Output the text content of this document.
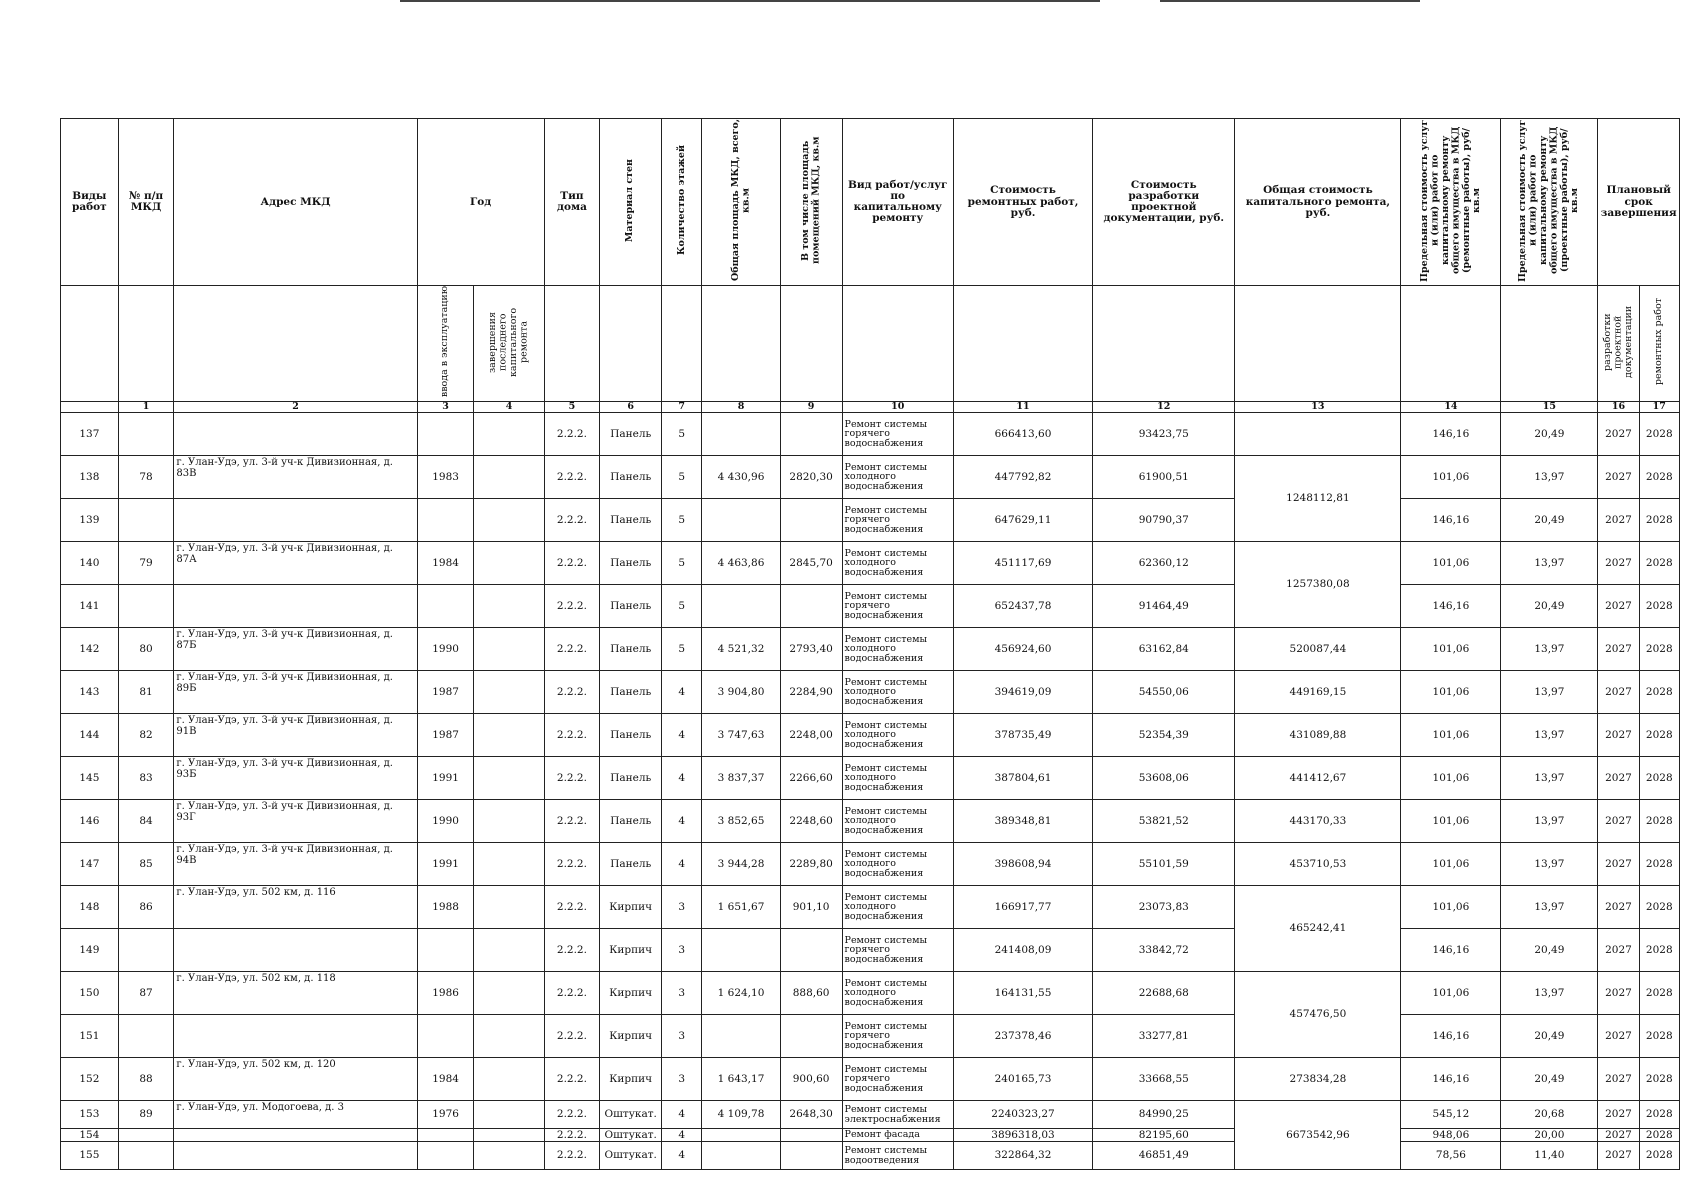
Виды работ	№ п/п МКД	Адрес МКД	Год		Тип дома	Материал стен	Количество этажей	Общая площадь МКД, всего, кв.м	В том числе площадь помещений МКД, кв.м	Вид работ/услуг по капитальному ремонту	Стоимость ремонтных работ, руб.	Стоимость разработки проектной документации, руб.	Общая стоимость капитального ремонта, руб.	Предельная стоимость услуг и (или) работ по капитальному ремонту общего имущества в МКД (ремонтные работы), руб/кв.м	Предельная стоимость услуг и (или) работ по капитальному ремонту общего имущества в МКД (проектные работы), руб/кв.м	Плановый срок завершения	
			ввода в эксплуатацию	завершения последнего капитального ремонта												разработки проектной документации	ремонтных работ
	1	2	3	4	5	6	7	8	9	10	11	12	13	14	15	16	17
137					2.2.2.	Панель	5			Ремонт системы горячего водоснабжения	666413,60	93423,75		146,16	20,49	2027	2028
138	78	г. Улан-Удэ, ул. 3-й уч-к Дивизионная, д. 83В	1983		2.2.2.	Панель	5	4 430,96	2820,30	Ремонт системы холодного водоснабжения	447792,82	61900,51	1248112,81	101,06	13,97	2027	2028
139					2.2.2.	Панель	5			Ремонт системы горячего водоснабжения	647629,11	90790,37		146,16	20,49	2027	2028
140	79	г. Улан-Удэ, ул. 3-й уч-к Дивизионная, д. 87А	1984		2.2.2.	Панель	5	4 463,86	2845,70	Ремонт системы холодного водоснабжения	451117,69	62360,12	1257380,08	101,06	13,97	2027	2028
141					2.2.2.	Панель	5			Ремонт системы горячего водоснабжения	652437,78	91464,49		146,16	20,49	2027	2028
142	80	г. Улан-Удэ, ул. 3-й уч-к Дивизионная, д. 87Б	1990		2.2.2.	Панель	5	4 521,32	2793,40	Ремонт системы холодного водоснабжения	456924,60	63162,84	520087,44	101,06	13,97	2027	2028
143	81	г. Улан-Удэ, ул. 3-й уч-к Дивизионная, д. 89Б	1987		2.2.2.	Панель	4	3 904,80	2284,90	Ремонт системы холодного водоснабжения	394619,09	54550,06	449169,15	101,06	13,97	2027	2028
144	82	г. Улан-Удэ, ул. 3-й уч-к Дивизионная, д. 91В	1987		2.2.2.	Панель	4	3 747,63	2248,00	Ремонт системы холодного водоснабжения	378735,49	52354,39	431089,88	101,06	13,97	2027	2028
145	83	г. Улан-Удэ, ул. 3-й уч-к Дивизионная, д. 93Б	1991		2.2.2.	Панель	4	3 837,37	2266,60	Ремонт системы холодного водоснабжения	387804,61	53608,06	441412,67	101,06	13,97	2027	2028
146	84	г. Улан-Удэ, ул. 3-й уч-к Дивизионная, д. 93Г	1990		2.2.2.	Панель	4	3 852,65	2248,60	Ремонт системы холодного водоснабжения	389348,81	53821,52	443170,33	101,06	13,97	2027	2028
147	85	г. Улан-Удэ, ул. 3-й уч-к Дивизионная, д. 94В	1991		2.2.2.	Панель	4	3 944,28	2289,80	Ремонт системы холодного водоснабжения	398608,94	55101,59	453710,53	101,06	13,97	2027	2028
148	86	г. Улан-Удэ, ул. 502 км, д. 116	1988		2.2.2.	Кирпич	3	1 651,67	901,10	Ремонт системы холодного водоснабжения	166917,77	23073,83	465242,41	101,06	13,97	2027	2028
149					2.2.2.	Кирпич	3			Ремонт системы горячего водоснабжения	241408,09	33842,72		146,16	20,49	2027	2028
150	87	г. Улан-Удэ, ул. 502 км, д. 118	1986		2.2.2.	Кирпич	3	1 624,10	888,60	Ремонт системы холодного водоснабжения	164131,55	22688,68	457476,50	101,06	13,97	2027	2028
151					2.2.2.	Кирпич	3			Ремонт системы горячего водоснабжения	237378,46	33277,81		146,16	20,49	2027	2028
152	88	г. Улан-Удэ, ул. 502 км, д. 120	1984		2.2.2.	Кирпич	3	1 643,17	900,60	Ремонт системы горячего водоснабжения	240165,73	33668,55	273834,28	146,16	20,49	2027	2028
153	89	г. Улан-Удэ, ул. Модогоева, д. 3	1976		2.2.2.	Оштукат.	4	4 109,78	2648,30	Ремонт системы электроснабжения	2240323,27	84990,25	6673542,96	545,12	20,68	2027	2028
154					2.2.2.	Оштукат.	4			Ремонт фасада	3896318,03	82195,60		948,06	20,00	2027	2028
155					2.2.2.	Оштукат.	4			Ремонт системы водоотведения	322864,32	46851,49		78,56	11,40	2027	2028
